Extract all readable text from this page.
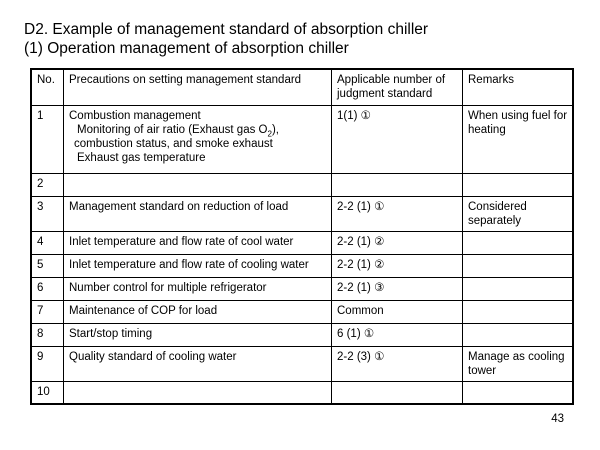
D2. Example of management standard of absorption chiller
(1) Operation management of absorption chiller
No.	Precautions on setting management standard	Applicable number of judgment standard	Remarks
1	Combustion management
Monitoring of air ratio (Exhaust gas $O_2$),
combustion status, and smoke exhaust
Exhaust gas temperature	1(1) ①	When using fuel for heating
2			
3	Management standard on reduction of load	2-2 (1) ①	Considered separately
4	Inlet temperature and flow rate of cool water	2-2 (1) ②	
5	Inlet temperature and flow rate of cooling water	2-2 (1) ②	
6	Number control for multiple refrigerator	2-2 (1) ③	
7	Maintenance of COP for load	Common	
8	Start/stop timing	6 (1) ①	
9	Quality standard of cooling water	2-2 (3) ①	Manage as cooling tower
10			
43
